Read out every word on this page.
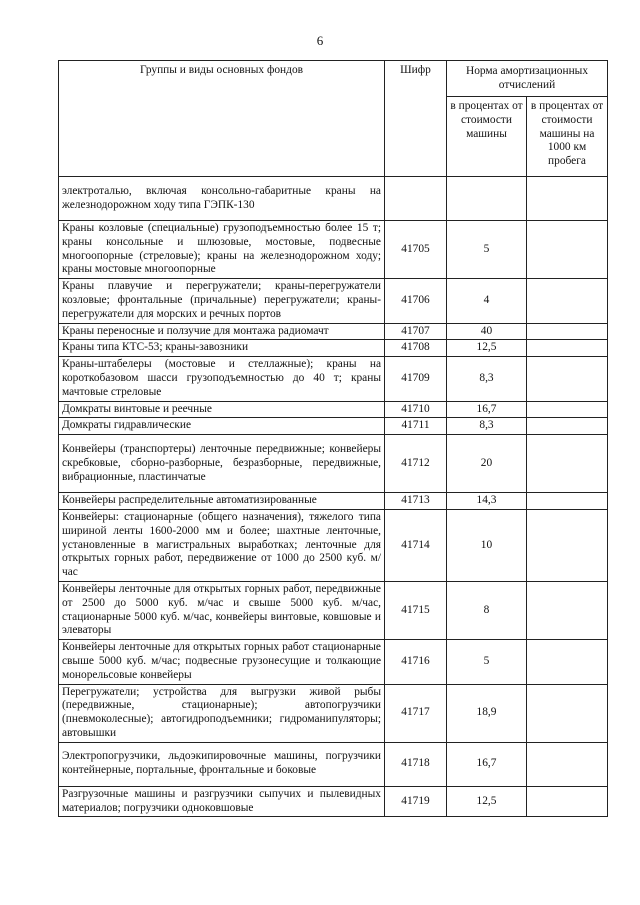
6
Группы и виды основных фондов	Шифр	Норма амортизационных отчислений	
		в процентах от стоимости машины	в процентах от стоимости машины на 1000 км пробега
электроталью, включая консольно-габаритные краны на железнодорожном ходу типа ГЭПК-130			
Краны козловые (специальные) грузоподъемностью более 15 т; краны консольные и шлюзовые, мостовые, подвесные многоопорные (стреловые); краны на железнодорожном ходу; краны мостовые многоопорные	41705	5	
Краны плавучие и перегружатели; краны-перегружатели козловые; фронтальные (причальные) перегружатели; краны-перегружатели для морских и речных портов	41706	4	
Краны переносные и ползучие для монтажа радиомачт	41707	40	
Краны типа КТС-53; краны-завозники	41708	12,5	
Краны-штабелеры (мостовые и стеллажные); краны на короткобазовом шасси грузоподъемностью до 40 т; краны мачтовые стреловые	41709	8,3	
Домкраты винтовые и реечные	41710	16,7	
Домкраты гидравлические	41711	8,3	
Конвейеры (транспортеры) ленточные передвижные; конвейеры скребковые, сборно-разборные, безразборные, передвижные, вибрационные, пластинчатые	41712	20	
Конвейеры распределительные автоматизированные	41713	14,3	
Конвейеры: стационарные (общего назначения), тяжелого типа шириной ленты 1600-2000 мм и более; шахтные ленточные, установленные в магистральных выработках; ленточные для открытых горных работ, передвижение от 1000 до 2500 куб. м/час	41714	10	
Конвейеры ленточные для открытых горных работ, передвижные от 2500 до 5000 куб. м/час и свыше 5000 куб. м/час, стационарные 5000 куб. м/час, конвейеры винтовые, ковшовые и элеваторы	41715	8	
Конвейеры ленточные для открытых горных работ стационарные свыше 5000 куб. м/час; подвесные грузонесущие и толкающие монорельсовые конвейеры	41716	5	
Перегружатели; устройства для выгрузки живой рыбы (передвижные, стационарные); автопогрузчики (пневмоколесные); автогидроподъемники; гидроманипуляторы; автовышки	41717	18,9	
Электропогрузчики, льдоэкипировочные машины, погрузчики контейнерные, портальные, фронтальные и боковые	41718	16,7	
Разгрузочные машины и разгрузчики сыпучих и пылевидных материалов; погрузчики одноковшовые	41719	12,5	
